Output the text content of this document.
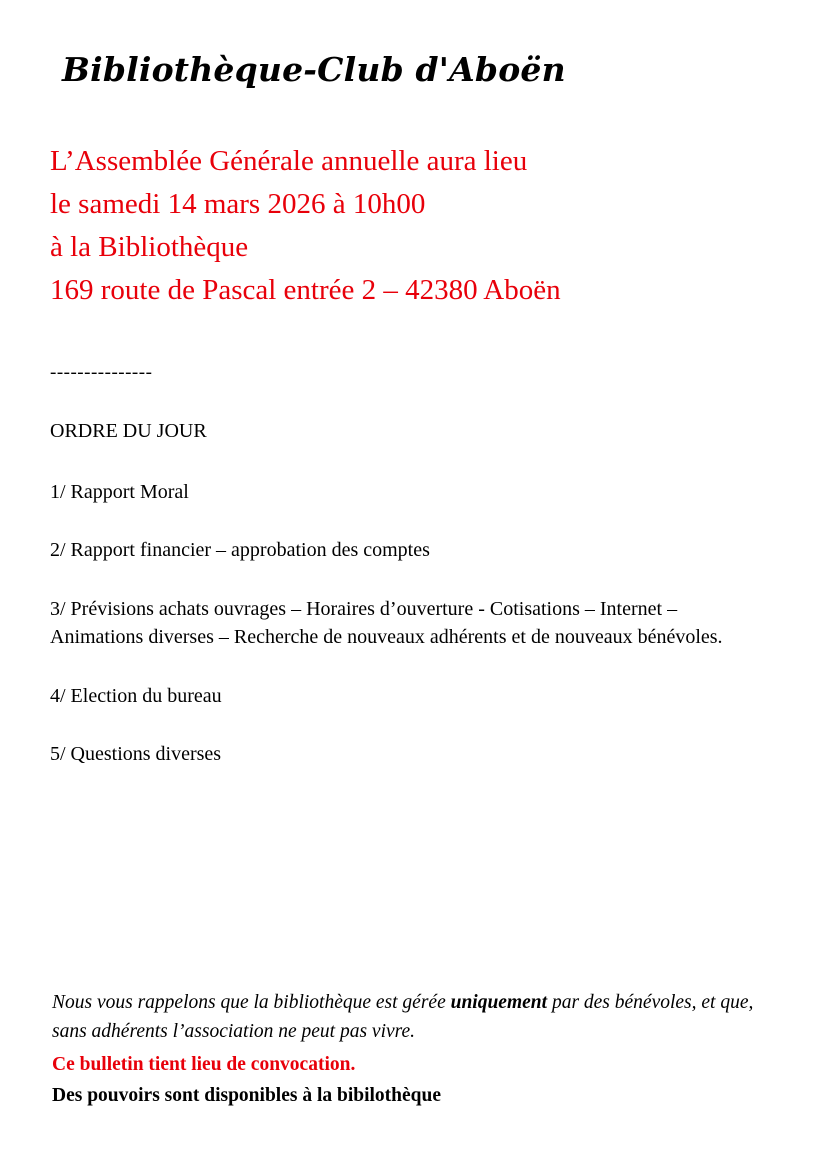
Bibliothèque-Club d'Aboën
L’Assemblée Générale annuelle aura lieu
le samedi 14 mars 2026 à 10h00
à la Bibliothèque
169 route de Pascal entrée 2 – 42380 Aboën
---------------
ORDRE DU JOUR
1/ Rapport Moral
2/ Rapport financier – approbation des comptes
3/ Prévisions achats ouvrages – Horaires d’ouverture - Cotisations – Internet – Animations diverses – Recherche de nouveaux adhérents et de nouveaux bénévoles.
4/ Election du bureau
5/ Questions diverses
Nous vous rappelons que la bibliothèque est gérée uniquement par des bénévoles, et que, sans adhérents l’association ne peut pas vivre.
Ce bulletin tient lieu de convocation.
Des pouvoirs sont disponibles à la bibilothèque
